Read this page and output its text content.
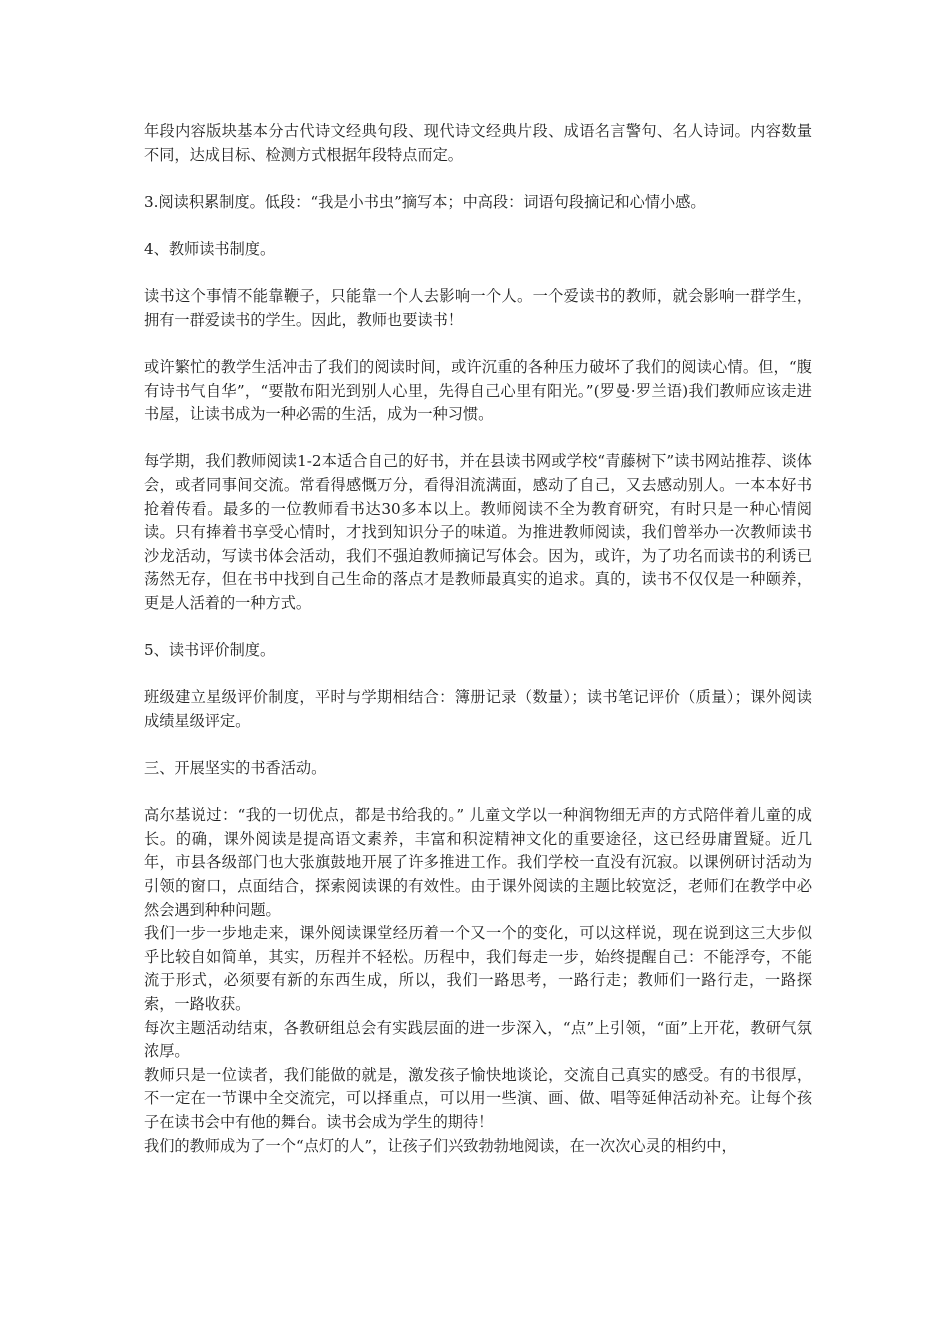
年段内容版块基本分古代诗文经典句段、现代诗文经典片段、成语名言警句、名人诗词。内容数量不同，达成目标、检测方式根据年段特点而定。

3.阅读积累制度。低段：“我是小书虫”摘写本；中高段：词语句段摘记和心情小感。

4、教师读书制度。

读书这个事情不能靠鞭子，只能靠一个人去影响一个人。一个爱读书的教师，就会影响一群学生，拥有一群爱读书的学生。因此，教师也要读书！

或许繁忙的教学生活冲击了我们的阅读时间，或许沉重的各种压力破坏了我们的阅读心情。但，“腹有诗书气自华”，“要散布阳光到别人心里，先得自己心里有阳光。”(罗曼·罗兰语)我们教师应该走进书屋，让读书成为一种必需的生活，成为一种习惯。

每学期，我们教师阅读1-2本适合自己的好书，并在县读书网或学校“青藤树下”读书网站推荐、谈体会，或者同事间交流。常看得感慨万分，看得泪流满面，感动了自己，又去感动别人。一本本好书抢着传看。最多的一位教师看书达30多本以上。教师阅读不全为教育研究，有时只是一种心情阅读。只有捧着书享受心情时，才找到知识分子的味道。为推进教师阅读，我们曾举办一次教师读书沙龙活动，写读书体会活动，我们不强迫教师摘记写体会。因为，或许，为了功名而读书的利诱已荡然无存，但在书中找到自己生命的落点才是教师最真实的追求。真的，读书不仅仅是一种颐养，更是人活着的一种方式。

5、读书评价制度。

班级建立星级评价制度，平时与学期相结合：簿册记录（数量）；读书笔记评价（质量）；课外阅读成绩星级评定。

三、开展坚实的书香活动。

高尔基说过：“我的一切优点，都是书给我的。” 儿童文学以一种润物细无声的方式陪伴着儿童的成长。的确，课外阅读是提高语文素养，丰富和积淀精神文化的重要途径，这已经毋庸置疑。近几年，市县各级部门也大张旗鼓地开展了许多推进工作。我们学校一直没有沉寂。以课例研讨活动为引领的窗口，点面结合，探索阅读课的有效性。由于课外阅读的主题比较宽泛，老师们在教学中必然会遇到种种问题。

我们一步一步地走来，课外阅读课堂经历着一个又一个的变化，可以这样说，现在说到这三大步似乎比较自如简单，其实，历程并不轻松。历程中，我们每走一步，始终提醒自己：不能浮夸，不能流于形式，必须要有新的东西生成，所以，我们一路思考，一路行走；教师们一路行走，一路探索，一路收获。

每次主题活动结束，各教研组总会有实践层面的进一步深入，“点”上引领，“面”上开花，教研气氛浓厚。

教师只是一位读者，我们能做的就是，激发孩子愉快地谈论，交流自己真实的感受。有的书很厚，不一定在一节课中全交流完，可以择重点，可以用一些演、画、做、唱等延伸活动补充。让每个孩子在读书会中有他的舞台。读书会成为学生的期待！

我们的教师成为了一个“点灯的人”，让孩子们兴致勃勃地阅读，在一次次心灵的相约中，
